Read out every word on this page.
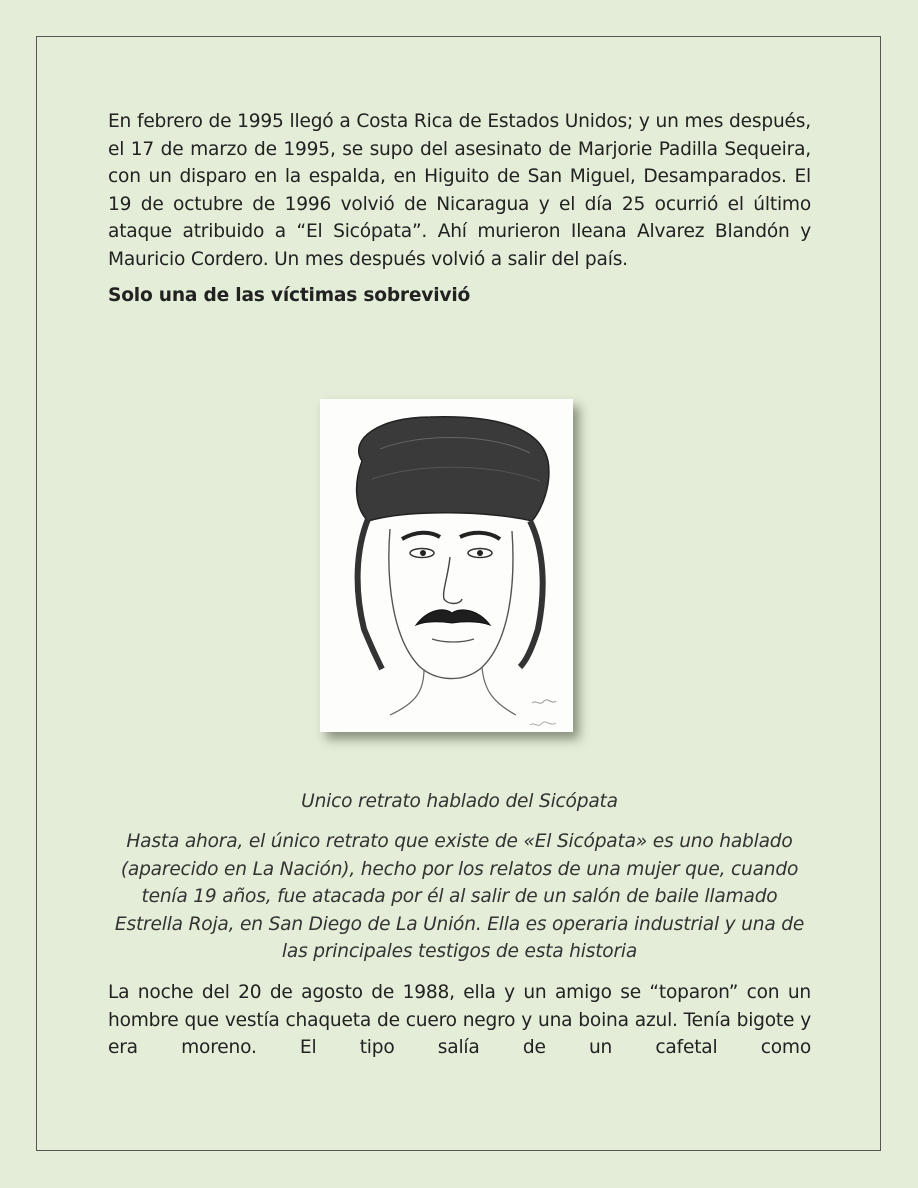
En febrero de 1995 llegó a Costa Rica de Estados Unidos; y un mes después, el 17 de marzo de 1995, se supo del asesinato de Marjorie Padilla Sequeira, con un disparo en la espalda, en Higuito de San Miguel, Desamparados. El 19 de octubre de 1996 volvió de Nicaragua y el día 25 ocurrió el último ataque atribuido a “El Sicópata”. Ahí murieron Ileana Alvarez Blandón y Mauricio Cordero. Un mes después volvió a salir del país.

Solo una de las víctimas sobrevivió

Unico retrato hablado del Sicópata

Hasta ahora, el único retrato que existe de «El Sicópata» es uno hablado (aparecido en La Nación), hecho por los relatos de una mujer que, cuando tenía 19 años, fue atacada por él al salir de un salón de baile llamado Estrella Roja, en San Diego de La Unión. Ella es operaria industrial y una de las principales testigos de esta historia

La noche del 20 de agosto de 1988, ella y un amigo se “toparon” con un hombre que vestía chaqueta de cuero negro y una boina azul. Tenía bigote y era moreno. El tipo salía de un cafetal como
